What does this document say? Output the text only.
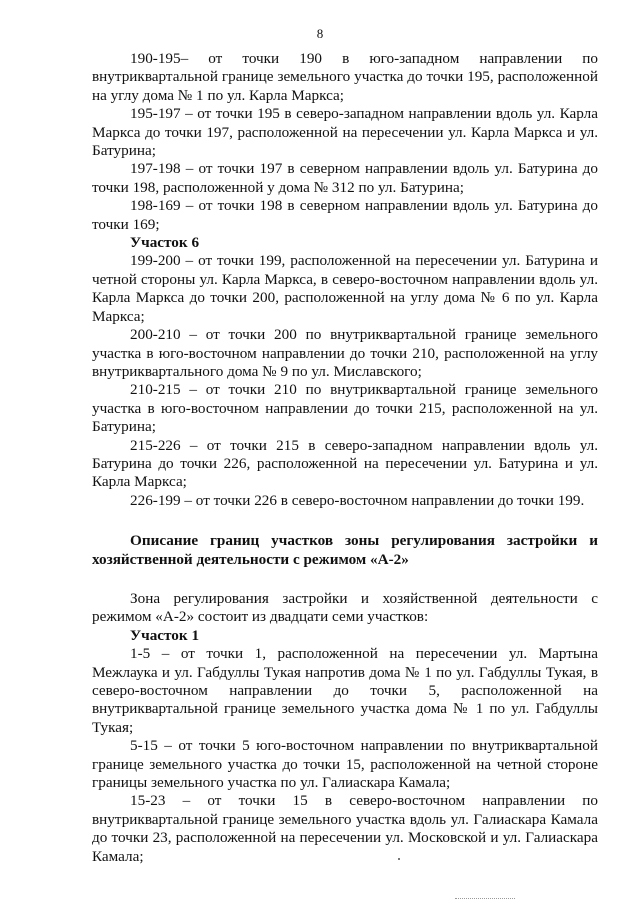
8

190-195– от точки 190 в юго-западном направлении по внутриквартальной границе земельного участка до точки 195, расположенной на углу дома № 1 по ул. Карла Маркса;

195-197 – от точки 195 в северо-западном направлении вдоль ул. Карла Маркса до точки 197, расположенной на пересечении ул. Карла Маркса и ул. Батурина;

197-198 – от точки 197 в северном направлении вдоль ул. Батурина до точки 198, расположенной у дома № 312 по ул. Батурина;

198-169 – от точки 198 в северном направлении вдоль ул. Батурина до точки 169;

Участок 6

199-200 – от точки 199, расположенной на пересечении ул. Батурина и четной стороны ул. Карла Маркса, в северо-восточном направлении вдоль ул. Карла Маркса до точки 200, расположенной на углу дома № 6 по ул. Карла Маркса;

200-210 – от точки 200 по внутриквартальной границе земельного участка в юго-восточном направлении до точки 210, расположенной на углу внутриквартального дома № 9 по ул. Миславского;

210-215 – от точки 210 по внутриквартальной границе земельного участка в юго-восточном направлении до точки 215, расположенной на ул. Батурина;

215-226 – от точки 215 в северо-западном направлении вдоль ул. Батурина до точки 226, расположенной на пересечении ул. Батурина и ул. Карла Маркса;

226-199 – от точки 226 в северо-восточном направлении до точки 199.

Описание границ участков зоны регулирования застройки и хозяйственной деятельности с режимом «А-2»

Зона регулирования застройки и хозяйственной деятельности с режимом «А-2» состоит из двадцати семи участков:

Участок 1

1-5 – от точки 1, расположенной на пересечении ул. Мартына Межлаука и ул. Габдуллы Тукая напротив дома № 1 по ул. Габдуллы Тукая, в северо-восточном направлении до точки 5, расположенной на внутриквартальной границе земельного участка дома № 1 по ул. Габдуллы Тукая;

5-15 – от точки 5 юго-восточном направлении по внутриквартальной границе земельного участка до точки 15, расположенной на четной стороне границы земельного участка по ул. Галиаскара Камала;

15-23 – от точки 15 в северо-восточном направлении по внутриквартальной границе земельного участка вдоль ул. Галиаскара Камала до точки 23, расположенной на пересечении ул. Московской и ул. Галиаскара Камала;
